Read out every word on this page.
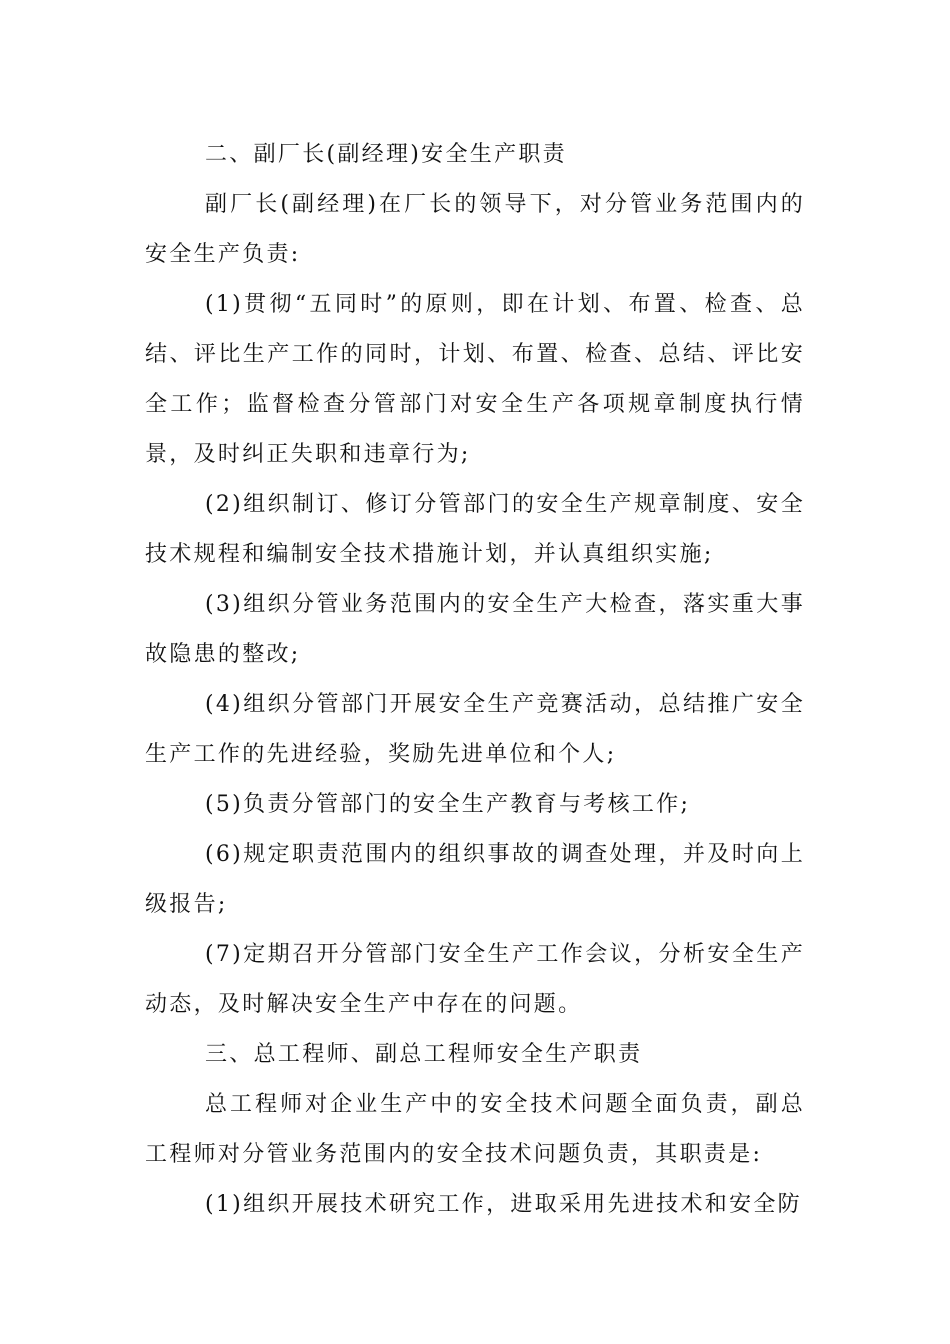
二、副厂长(副经理)安全生产职责

副厂长(副经理)在厂长的领导下，对分管业务范围内的安全生产负责:

(1)贯彻“五同时”的原则，即在计划、布置、检查、总结、评比生产工作的同时，计划、布置、检查、总结、评比安全工作；监督检查分管部门对安全生产各项规章制度执行情景，及时纠正失职和违章行为;

(2)组织制订、修订分管部门的安全生产规章制度、安全技术规程和编制安全技术措施计划，并认真组织实施;

(3)组织分管业务范围内的安全生产大检查，落实重大事故隐患的整改;

(4)组织分管部门开展安全生产竞赛活动，总结推广安全生产工作的先进经验，奖励先进单位和个人;

(5)负责分管部门的安全生产教育与考核工作;

(6)规定职责范围内的组织事故的调查处理，并及时向上级报告;

(7)定期召开分管部门安全生产工作会议，分析安全生产动态，及时解决安全生产中存在的问题。

三、总工程师、副总工程师安全生产职责

总工程师对企业生产中的安全技术问题全面负责，副总工程师对分管业务范围内的安全技术问题负责，其职责是:

(1)组织开展技术研究工作，进取采用先进技术和安全防
